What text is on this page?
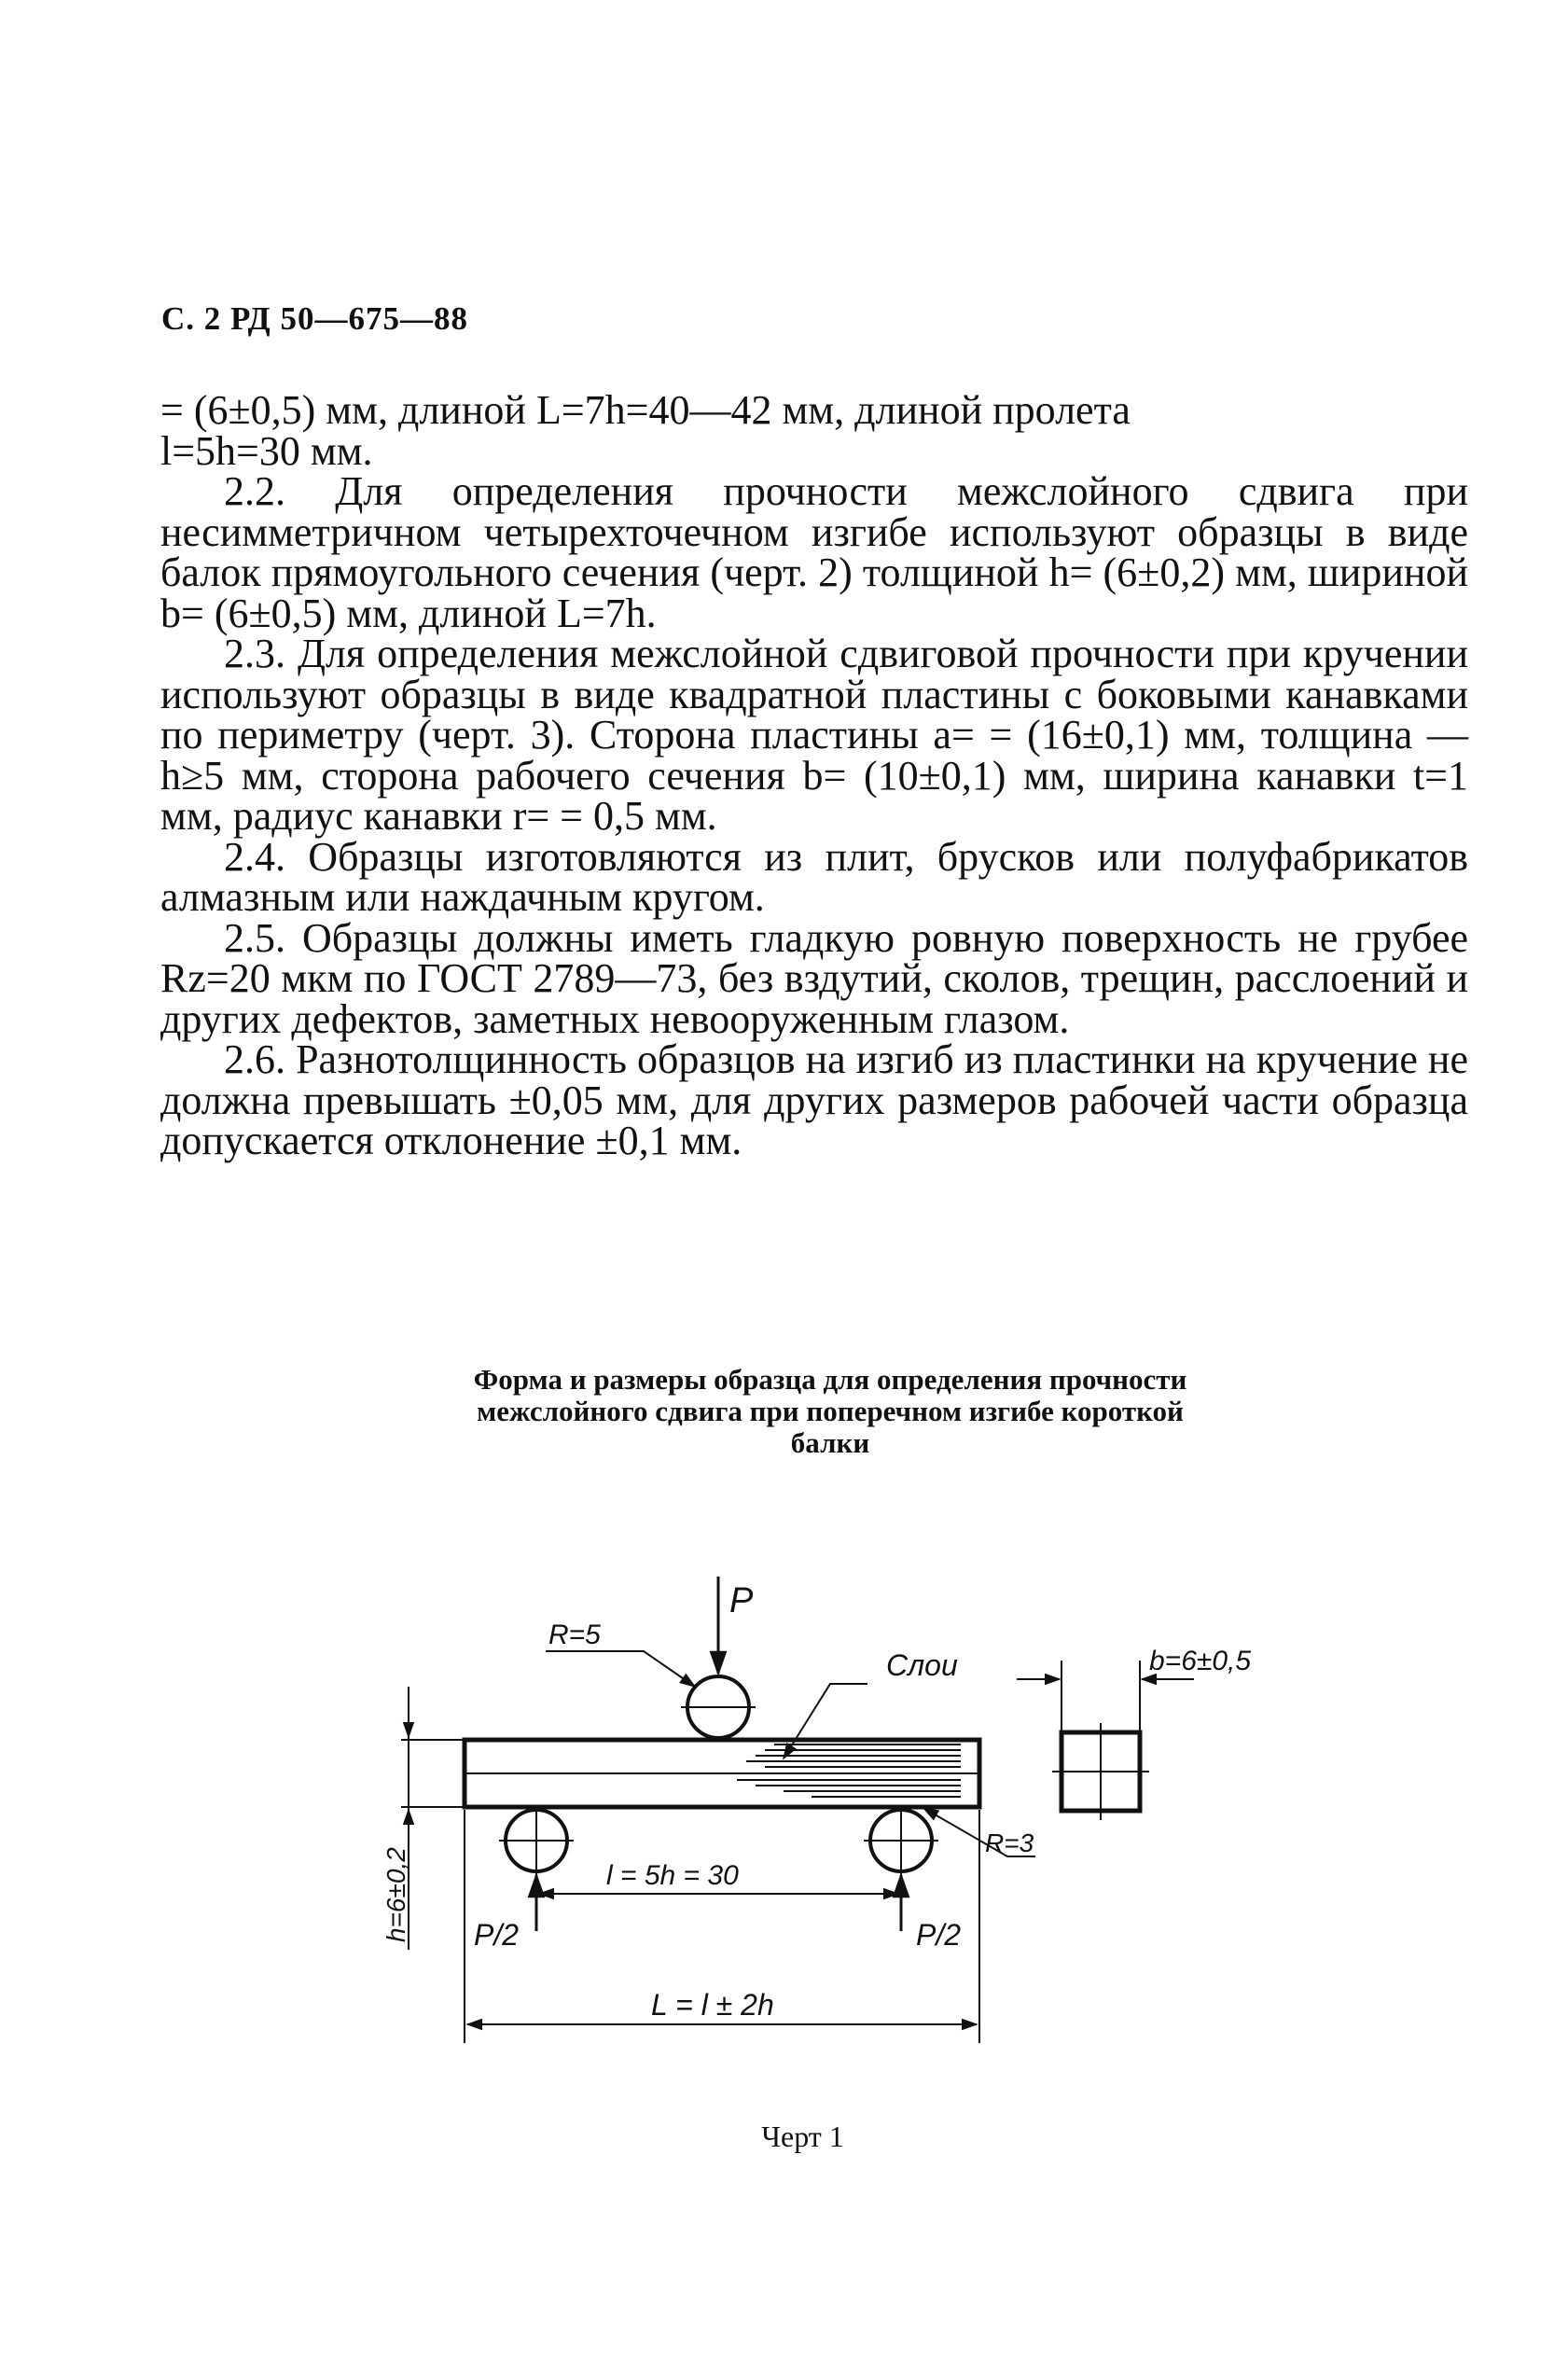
С. 2 РД 50—675—88

= (6±0,5) мм, длиной L=7h=40—42 мм, длиной пролета

l=5h=30 мм.

2.2. Для определения прочности межслойного сдвига при несимметричном четырехточечном изгибе используют образцы в виде балок прямоугольного сечения (черт. 2) толщиной h= (6±0,2) мм, шириной b= (6±0,5) мм, длиной L=7h.

2.3. Для определения межслойной сдвиговой прочности при кручении используют образцы в виде квадратной пластины с боковыми канавками по периметру (черт. 3). Сторона пластины a= = (16±0,1) мм, толщина — h≥5 мм, сторона рабочего сечения b= (10±0,1) мм, ширина канавки t=1 мм, радиус канавки r= = 0,5 мм.

2.4. Образцы изготовляются из плит, брусков или полуфабрикатов алмазным или наждачным кругом.

2.5. Образцы должны иметь гладкую ровную поверхность не грубее Rz=20 мкм по ГОСТ 2789—73, без вздутий, сколов, трещин, расслоений и других дефектов, заметных невооруженным глазом.

2.6. Разнотолщинность образцов на изгиб из пластинки на кручение не должна превышать ±0,05 мм, для других размеров рабочей части образца допускается отклонение ±0,1 мм.

Форма и размеры образца для определения прочности
межслойного сдвига при поперечном изгибе короткой
балки
P
R=5
Слои	b=6±0,5
l = 5h = 30
R=3
P/2	P/2
L = l ± 2h
h=6±0,2
Черт 1
